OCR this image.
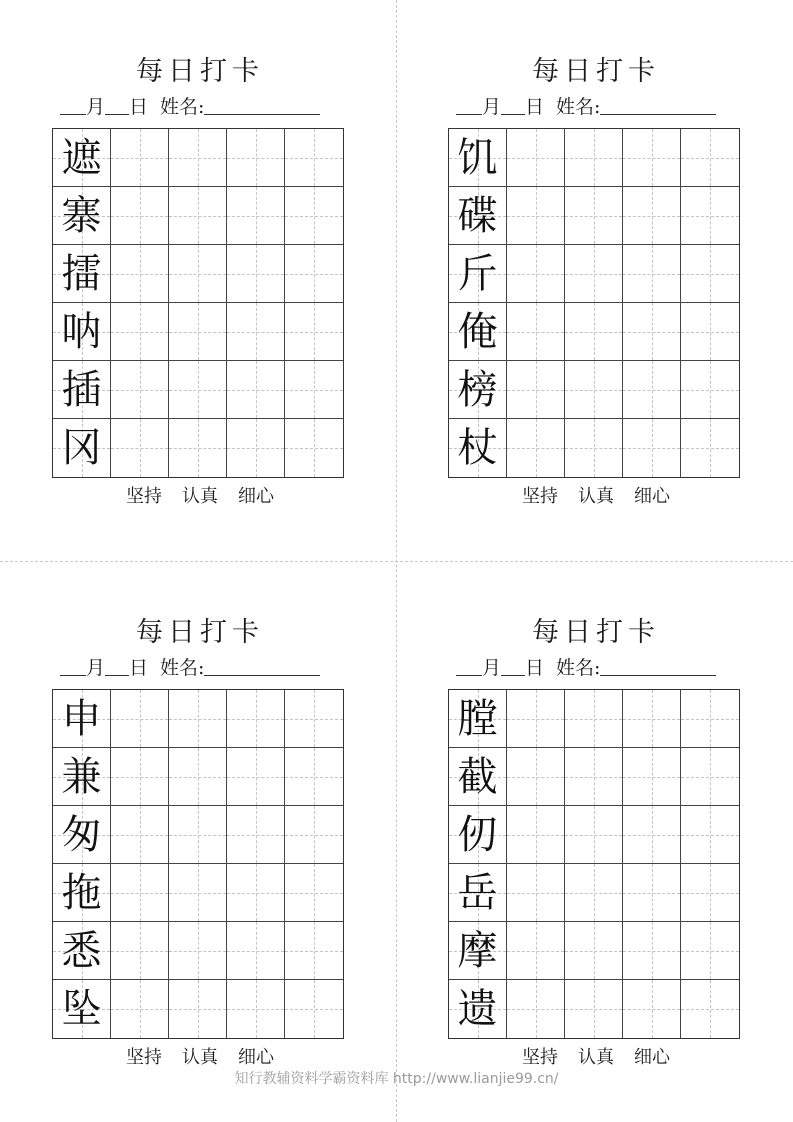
每日打卡
月 日 姓名:
遮
寨
擂
呐
插
冈
坚持 认真 细心
每日打卡
月 日 姓名:
饥
碟
斤
俺
榜
杖
坚持 认真 细心
每日打卡
月 日 姓名:
申
兼
匆
拖
悉
坠
坚持 认真 细心
每日打卡
月 日 姓名:
膛
截
仞
岳
摩
遗
坚持 认真 细心
知行教辅资料学霸资料库 http://www.lianjie99.cn/
